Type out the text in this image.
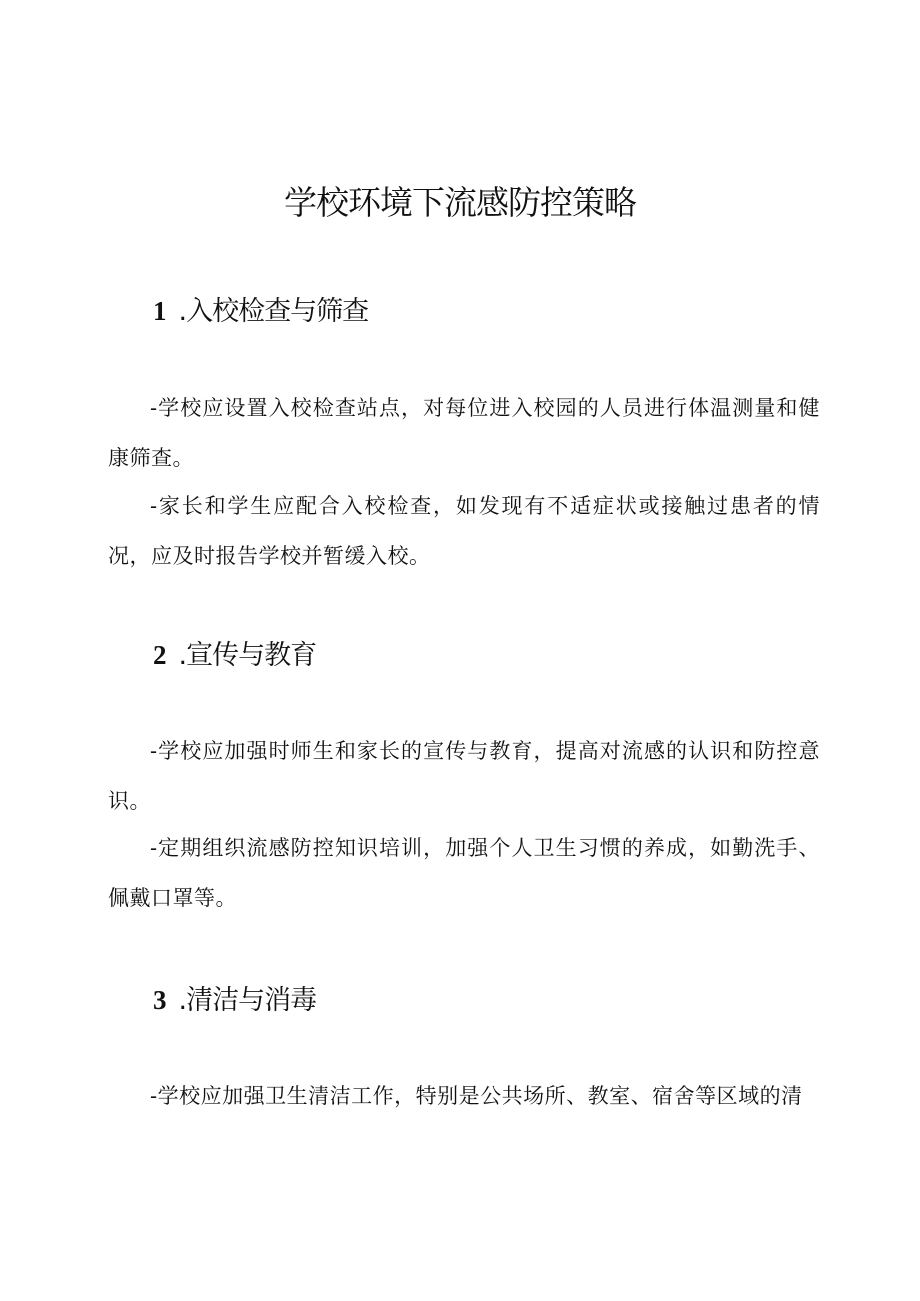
学校环境下流感防控策略
1 .入校检查与筛查
-学校应设置入校检查站点，对每位进入校园的人员进行体温测量和健康筛查。
-家长和学生应配合入校检查，如发现有不适症状或接触过患者的情况，应及时报告学校并暂缓入校。
2 .宣传与教育
-学校应加强时师生和家长的宣传与教育，提高对流感的认识和防控意识。
-定期组织流感防控知识培训，加强个人卫生习惯的养成，如勤洗手、佩戴口罩等。
3 .清洁与消毒
-学校应加强卫生清洁工作，特别是公共场所、教室、宿舍等区域的清
